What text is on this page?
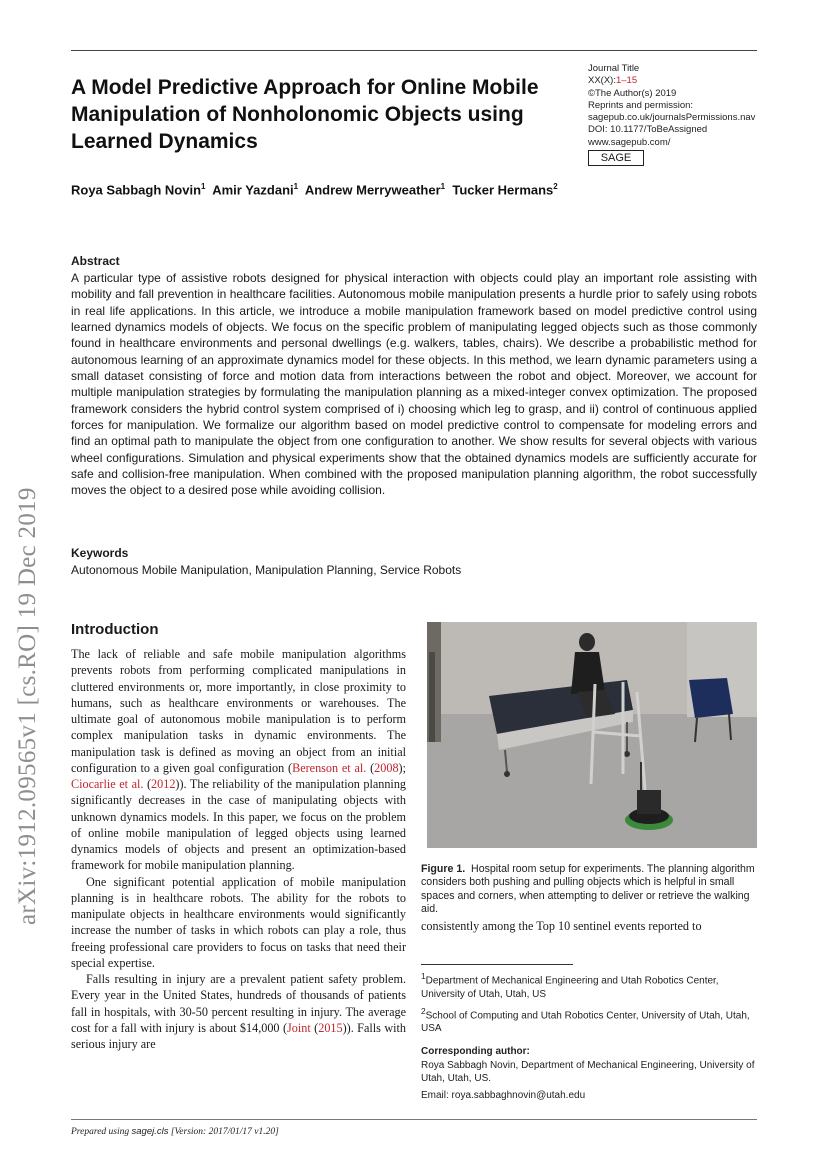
A Model Predictive Approach for Online Mobile Manipulation of Nonholonomic Objects using Learned Dynamics
Journal Title
XX(X):1–15
©The Author(s) 2019
Reprints and permission:
sagepub.co.uk/journalsPermissions.nav
DOI: 10.1177/ToBeAssigned
www.sagepub.com/
SAGE
Roya Sabbagh Novin$^1$ Amir Yazdani$^1$ Andrew Merryweather$^1$ Tucker Hermans$^2$
Abstract

A particular type of assistive robots designed for physical interaction with objects could play an important role assisting with mobility and fall prevention in healthcare facilities. Autonomous mobile manipulation presents a hurdle prior to safely using robots in real life applications. In this article, we introduce a mobile manipulation framework based on model predictive control using learned dynamics models of objects. We focus on the specific problem of manipulating legged objects such as those commonly found in healthcare environments and personal dwellings (e.g. walkers, tables, chairs). We describe a probabilistic method for autonomous learning of an approximate dynamics model for these objects. In this method, we learn dynamic parameters using a small dataset consisting of force and motion data from interactions between the robot and object. Moreover, we account for multiple manipulation strategies by formulating the manipulation planning as a mixed-integer convex optimization. The proposed framework considers the hybrid control system comprised of i) choosing which leg to grasp, and ii) control of continuous applied forces for manipulation. We formalize our algorithm based on model predictive control to compensate for modeling errors and find an optimal path to manipulate the object from one configuration to another. We show results for several objects with various wheel configurations. Simulation and physical experiments show that the obtained dynamics models are sufficiently accurate for safe and collision-free manipulation. When combined with the proposed manipulation planning algorithm, the robot successfully moves the object to a desired pose while avoiding collision.

Keywords
Autonomous Mobile Manipulation, Manipulation Planning, Service Robots
Introduction

The lack of reliable and safe mobile manipulation algorithms prevents robots from performing complicated manipulations in cluttered environments or, more importantly, in close proximity to humans, such as healthcare environments or warehouses. The ultimate goal of autonomous mobile manipulation is to perform complex manipulation tasks in dynamic environments. The manipulation task is defined as moving an object from an initial configuration to a given goal configuration (Berenson et al. (2008); Ciocarlie et al. (2012)). The reliability of the manipulation planning significantly decreases in the case of manipulating objects with unknown dynamics models. In this paper, we focus on the problem of online mobile manipulation of legged objects using learned dynamics models of objects and present an optimization-based framework for mobile manipulation planning.

One significant potential application of mobile manipulation planning is in healthcare robots. The ability for the robots to manipulate objects in healthcare environments would significantly increase the number of tasks in which robots can play a role, thus freeing professional care providers to focus on tasks that need their special expertise.

Falls resulting in injury are a prevalent patient safety problem. Every year in the United States, hundreds of thousands of patients fall in hospitals, with 30-50 percent resulting in injury. The average cost for a fall with injury is about $14,000 (Joint (2015)). Falls with serious injury are

Figure 1. Hospital room setup for experiments. The planning algorithm considers both pushing and pulling objects which is helpful in small spaces and corners, when attempting to deliver or retrieve the walking aid.
consistently among the Top 10 sentinel events reported to

$^1$Department of Mechanical Engineering and Utah Robotics Center, University of Utah, Utah, US

$^2$School of Computing and Utah Robotics Center, University of Utah, Utah, USA

Corresponding author:

Roya Sabbagh Novin, Department of Mechanical Engineering, University of Utah, Utah, US.

Email: roya.sabbaghnovin@utah.edu

Prepared using sagej.cls [Version: 2017/01/17 v1.20]
arXiv:1912.09565v1 [cs.RO] 19 Dec 2019
